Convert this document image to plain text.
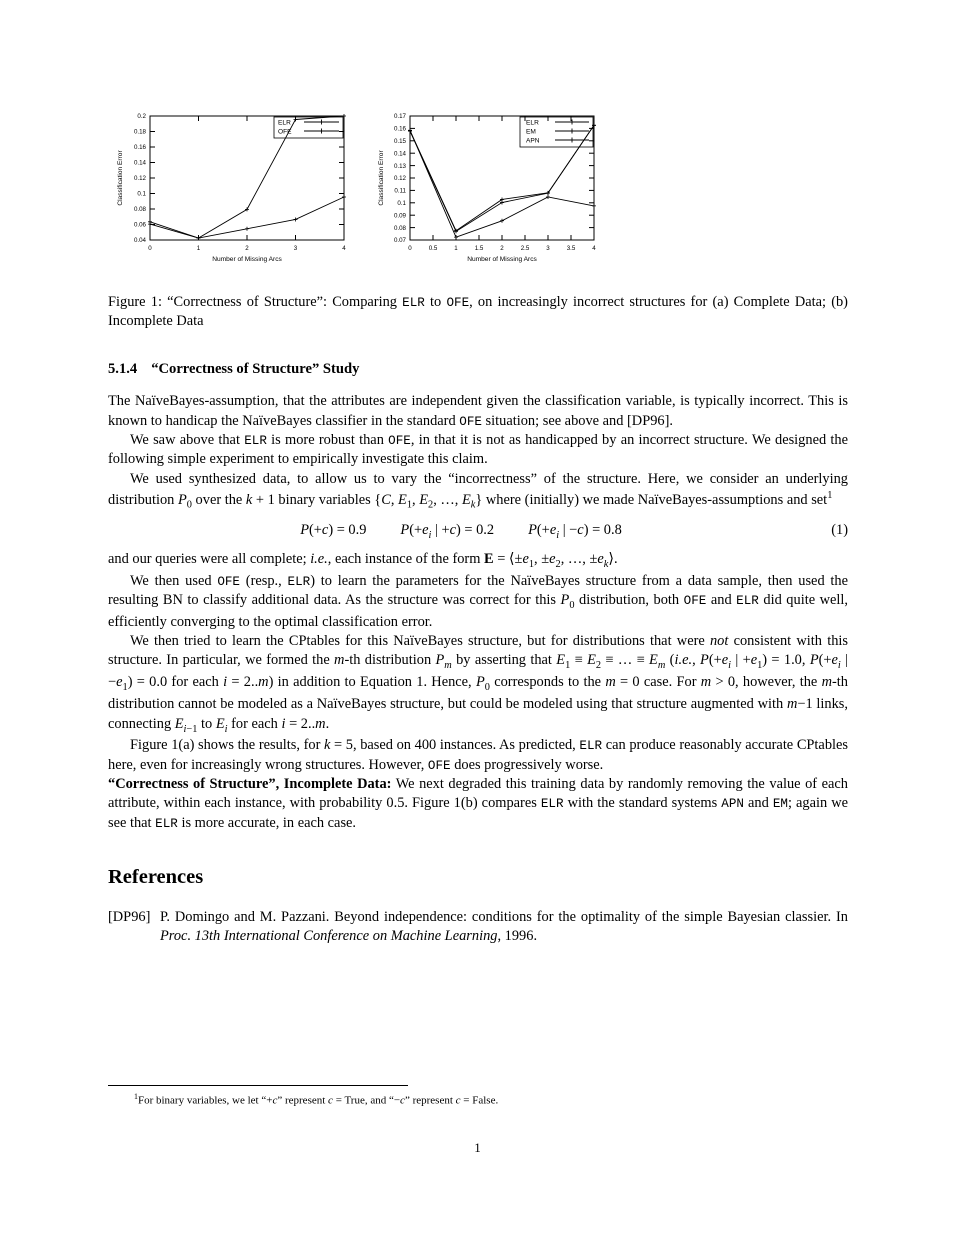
0.04
0.06
0.08
0.1
0.12
0.14
0.16
0.18
0.2
0	1	2	3	4
Number of Missing Arcs
Classification Error
ELR
OFE
0.07
0.08
0.09
0.1
0.11
0.12
0.13
0.14
0.15
0.16
0.17
0	0.5	1	1.5	2	2.5	3	3.5	4
Number of Missing Arcs
Classification Error
ELR
EM
APN
Figure 1: “Correctness of Structure”: Comparing ELR to OFE, on increasingly incorrect structures for (a) Complete Data; (b) Incomplete Data
5.1.4 “Correctness of Structure” Study

The NaïveBayes-assumption, that the attributes are independent given the classification variable, is typically incorrect. This is known to handicap the NaïveBayes classifier in the standard OFE situation; see above and [DP96].

We saw above that ELR is more robust than OFE, in that it is not as handicapped by an incorrect structure. We designed the following simple experiment to empirically investigate this claim.

We used synthesized data, to allow us to vary the “incorrectness” of the structure. Here, we consider an underlying distribution $P_0$ over the k + 1 binary variables {C, $E_1$, $E_2$, …, $E_k$} where (initially) we made NaïveBayes-assumptions and set$^1$

P(+c) = 0.9 $P(+e_i$ | +c) = 0.2 $P(+e_i$ | −c) = 0.8	(1)

and our queries were all complete; i.e., each instance of the form $E = ⟨\pm e_1$, $\pm e_2$, …, $\pm e_k⟩$.

We then used OFE (resp., ELR) to learn the parameters for the NaïveBayes structure from a data sample, then used the resulting BN to classify additional data. As the structure was correct for this $P_0$ distribution, both OFE and ELR did quite well, efficiently converging to the optimal classification error.

We then tried to learn the CPtables for this NaïveBayes structure, but for distributions that were not consistent with this structure. In particular, we formed the m-th distribution $P_m$ by asserting that $E_1 \equiv E_2$ ≡ … ≡ $E_m$ (i.e., $P(+e_i$ | $+e_1) = 1.0$, $P(+e_i$ | $-e_1) = 0.0$ for each i = 2..m) in addition to Equation 1. Hence, $P_0$ corresponds to the m = 0 case. For m > 0, however, the m-th distribution cannot be modeled as a NaïveBayes structure, but could be modeled using that structure augmented with m−1 links, connecting $E_{i-1}$ to $E_i$ for each i = 2..m.

Figure 1(a) shows the results, for k = 5, based on 400 instances. As predicted, ELR can produce reasonably accurate CPtables here, even for increasingly wrong structures. However, OFE does progressively worse.

“Correctness of Structure”, Incomplete Data: We next degraded this training data by randomly removing the value of each attribute, within each instance, with probability 0.5. Figure 1(b) compares ELR with the standard systems APN and EM; again we see that ELR is more accurate, in each case.

References
[DP96] P. Domingo and M. Pazzani. Beyond independence: conditions for the optimality of the simple Bayesian classier. In Proc. 13th International Conference on Machine Learning, 1996.
$^1$For binary variables, we let “+c” represent c = True, and “−c” represent c = False.
1
